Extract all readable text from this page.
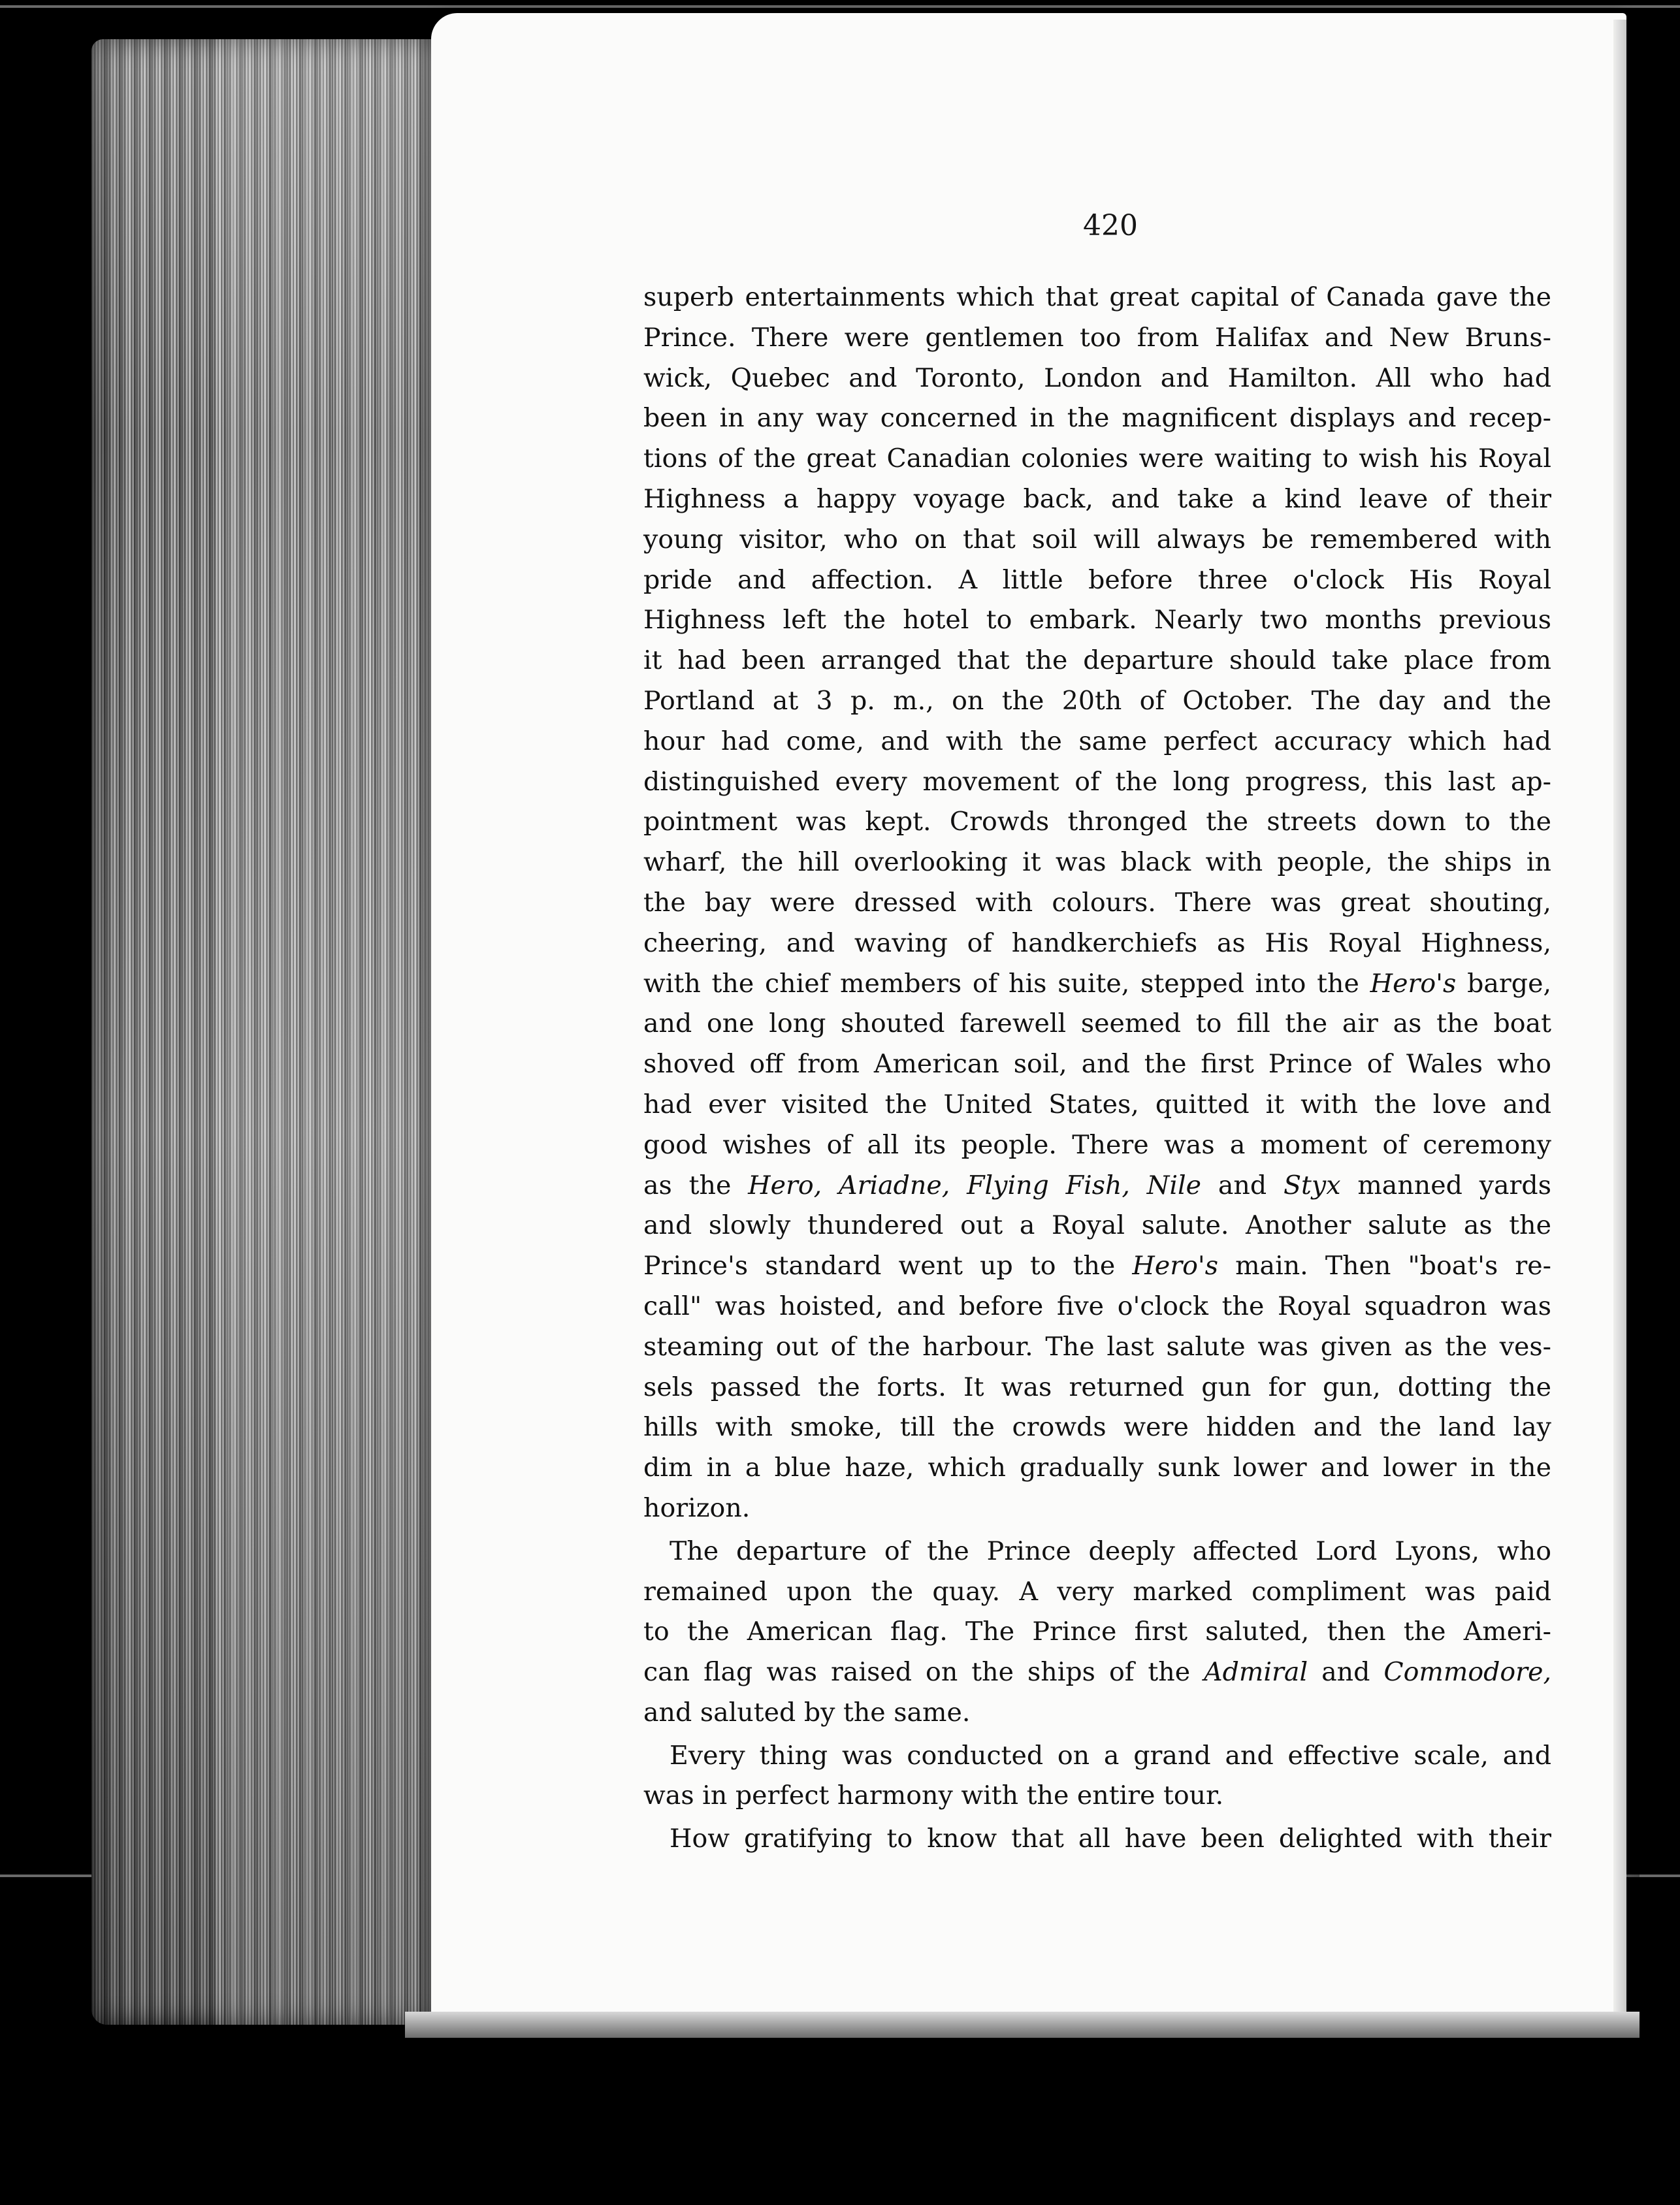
420
superb entertainments which that great capital of Canada gave the
Prince. There were gentlemen too from Halifax and New Bruns-
wick, Quebec and Toronto, London and Hamilton. All who had
been in any way concerned in the magnificent displays and recep-
tions of the great Canadian colonies were waiting to wish his Royal
Highness a happy voyage back, and take a kind leave of their
young visitor, who on that soil will always be remembered with
pride and affection. A little before three o'clock His Royal
Highness left the hotel to embark. Nearly two months previous
it had been arranged that the departure should take place from
Portland at 3 p. m., on the 20th of October. The day and the
hour had come, and with the same perfect accuracy which had
distinguished every movement of the long progress, this last ap-
pointment was kept. Crowds thronged the streets down to the
wharf, the hill overlooking it was black with people, the ships in
the bay were dressed with colours. There was great shouting,
cheering, and waving of handkerchiefs as His Royal Highness,
with the chief members of his suite, stepped into the Hero's barge,
and one long shouted farewell seemed to fill the air as the boat
shoved off from American soil, and the first Prince of Wales who
had ever visited the United States, quitted it with the love and
good wishes of all its people. There was a moment of ceremony
as the Hero, Ariadne, Flying Fish, Nile and Styx manned yards
and slowly thundered out a Royal salute. Another salute as the
Prince's standard went up to the Hero's main. Then "boat's re-
call" was hoisted, and before five o'clock the Royal squadron was
steaming out of the harbour. The last salute was given as the ves-
sels passed the forts. It was returned gun for gun, dotting the
hills with smoke, till the crowds were hidden and the land lay
dim in a blue haze, which gradually sunk lower and lower in the
horizon.
The departure of the Prince deeply affected Lord Lyons, who
remained upon the quay. A very marked compliment was paid
to the American flag. The Prince first saluted, then the Ameri-
can flag was raised on the ships of the Admiral and Commodore,
and saluted by the same.
Every thing was conducted on a grand and effective scale, and
was in perfect harmony with the entire tour.
How gratifying to know that all have been delighted with their
